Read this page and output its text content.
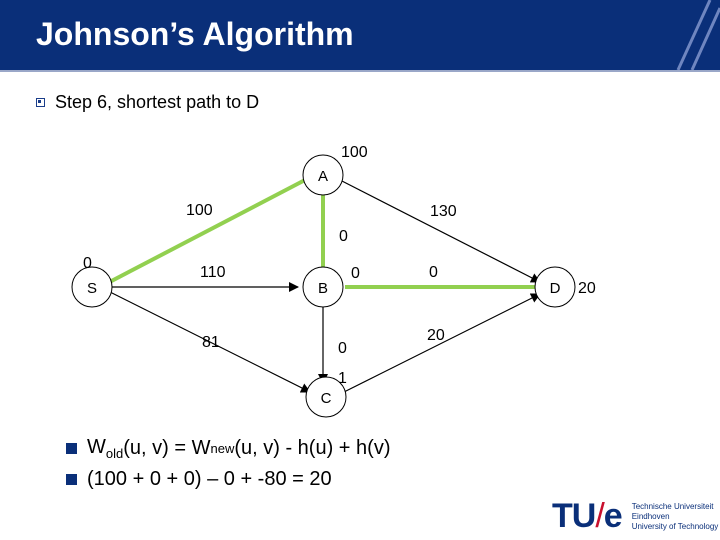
Johnson’s Algorithm
Step 6, shortest path to D
A
S	B
C
D
100
0
0
1
20
100	130
0
110	0
81	0
20
$W_{old}$ (u, v) = W new (u, v) - h(u) + h(v)
(100 + 0 + 0) – 0 + -80 = 20
TU/e Technische Universiteit
Eindhoven
University of Technology
